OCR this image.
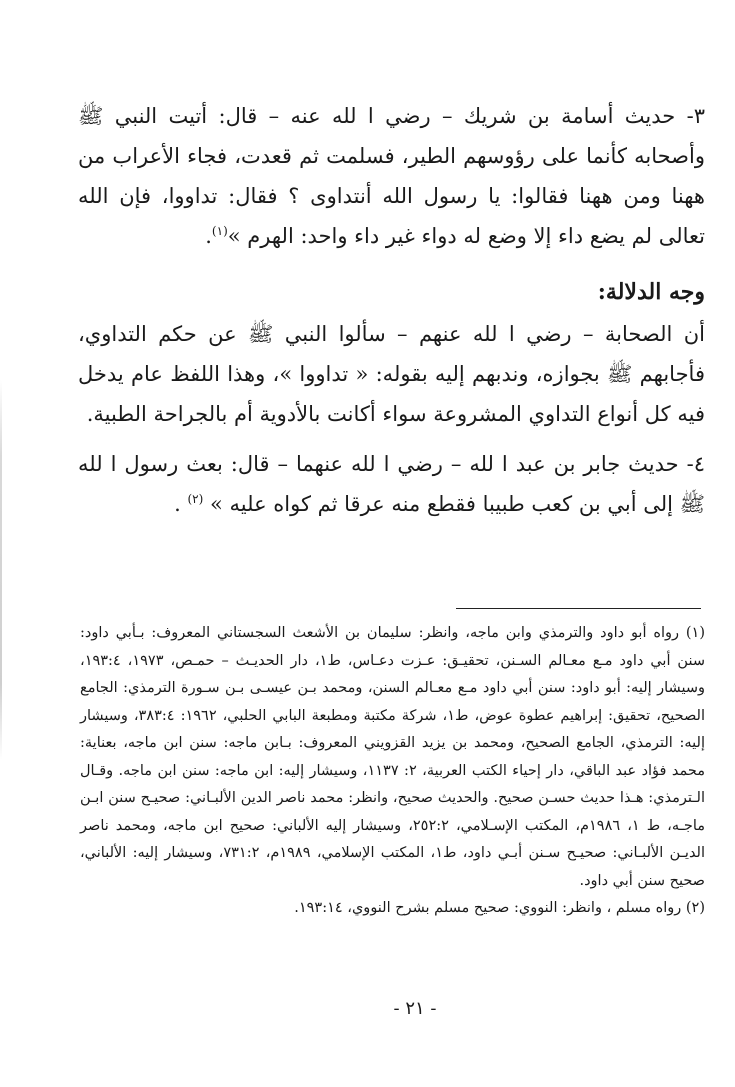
٣- حديث أسامة بن شريك – رضي ا لله عنه – قال: أتيت النبي ﷺ وأصحابه كأنما على رؤوسهم الطير، فسلمت ثم قعدت، فجاء الأعراب من ههنا ومن ههنا فقالوا: يا رسول الله أنتداوى ؟ فقال: تداووا، فإن الله تعالى لم يضع داء إلا وضع له دواء غير داء واحد: الهرم »$^{(١)}$.

وجه الدلالة:

أن الصحابة – رضي ا لله عنهم – سألوا النبي ﷺ عن حكم التداوي، فأجابهم ﷺ بجوازه، وندبهم إليه بقوله: « تداووا »، وهذا اللفظ عام يدخل فيه كل أنواع التداوي المشروعة سواء أكانت بالأدوية أم بالجراحة الطبية.

٤- حديث جابر بن عبد ا لله – رضي ا لله عنهما – قال: بعث رسول ا لله ﷺ إلى أبي بن كعب طبيبا فقطع منه عرقا ثم كواه عليه » $^{(٢)}$ .

(١) رواه أبو داود والترمذي وابن ماجه، وانظر: سليمان بن الأشعث السجستاني المعروف: بـأبي داود: سنن أبي داود مـع معـالم السـنن، تحقيـق: عـزت دعـاس، ط١، دار الحديـث – حمـص، ١٩٧٣، ١٩٣:٤، وسيشار إليه: أبو داود: سنن أبي داود مـع معـالم السنن، ومحمد بـن عيسـى بـن سـورة الترمذي: الجامع الصحيح، تحقيق: إبراهيم عطوة عوض، ط١، شركة مكتبة ومطبعة البابي الحلبي، ١٩٦٢: ٣٨٣:٤، وسيشار إليه: الترمذي، الجامع الصحيح، ومحمد بن يزيد القزويني المعروف: بـابن ماجه: سنن ابن ماجه، بعناية: محمد فؤاد عبد الباقي، دار إحياء الكتب العربية، ٢: ١١٣٧، وسيشار إليه: ابن ماجه: سنن ابن ماجه. وقـال الـترمذي: هـذا حديث حسـن صحيح. والحديث صحيح، وانظر: محمد ناصر الدين الألبـاني: صحيـح سنن ابـن ماجـه، ط ١، ١٩٨٦م، المكتب الإسـلامي، ٢٥٢:٢، وسيشار إليه الألباني: صحيح ابن ماجه، ومحمد ناصر الديـن الألبـاني: صحيـح سـنن أبـي داود، ط١، المكتب الإسلامي، ١٩٨٩م، ٧٣١:٢، وسيشار إليه: الألباني، صحيح سنن أبي داود.

(٢) رواه مسلم ، وانظر: النووي: صحيح مسلم بشرح النووي، ١٩٣:١٤.

- ٢١ -
